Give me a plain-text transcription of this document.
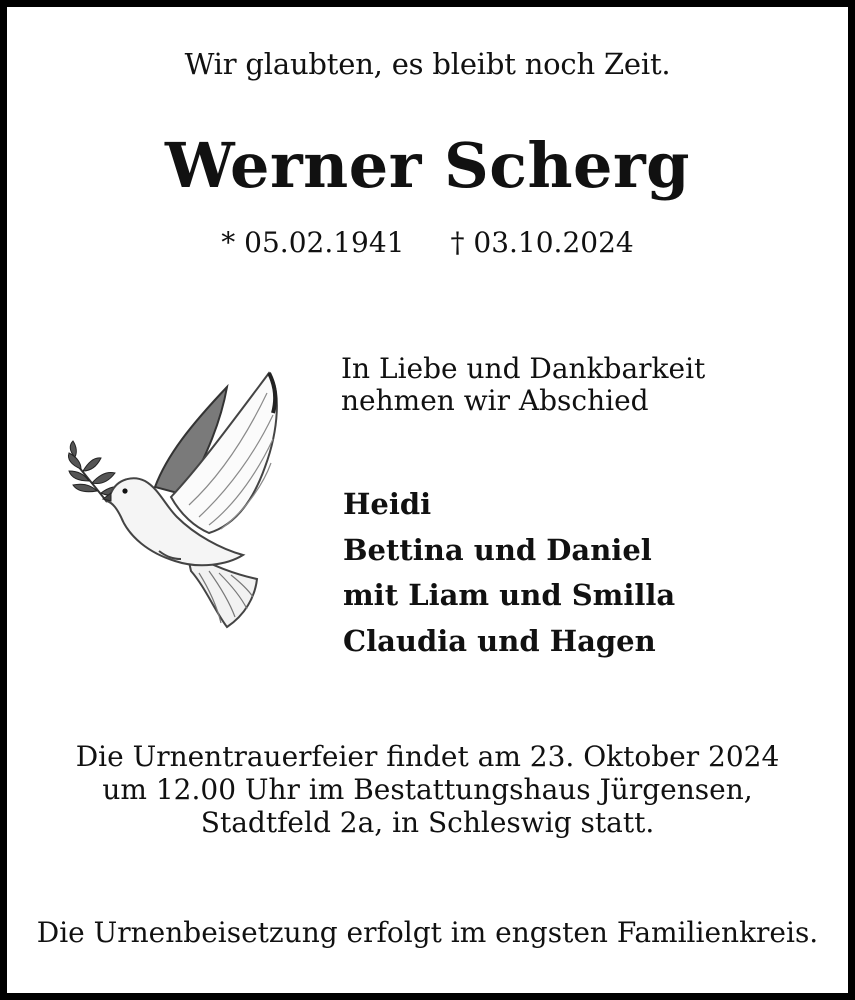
Wir glaubten, es bleibt noch Zeit.
Werner Scherg
* 05.02.1941 † 03.10.2024
In Liebe und Dankbarkeit
nehmen wir Abschied
Heidi
Bettina und Daniel
mit Liam und Smilla
Claudia und Hagen
Die Urnentrauerfeier findet am 23. Oktober 2024
um 12.00 Uhr im Bestattungshaus Jürgensen,
Stadtfeld 2a, in Schleswig statt.
Die Urnenbeisetzung erfolgt im engsten Familienkreis.
